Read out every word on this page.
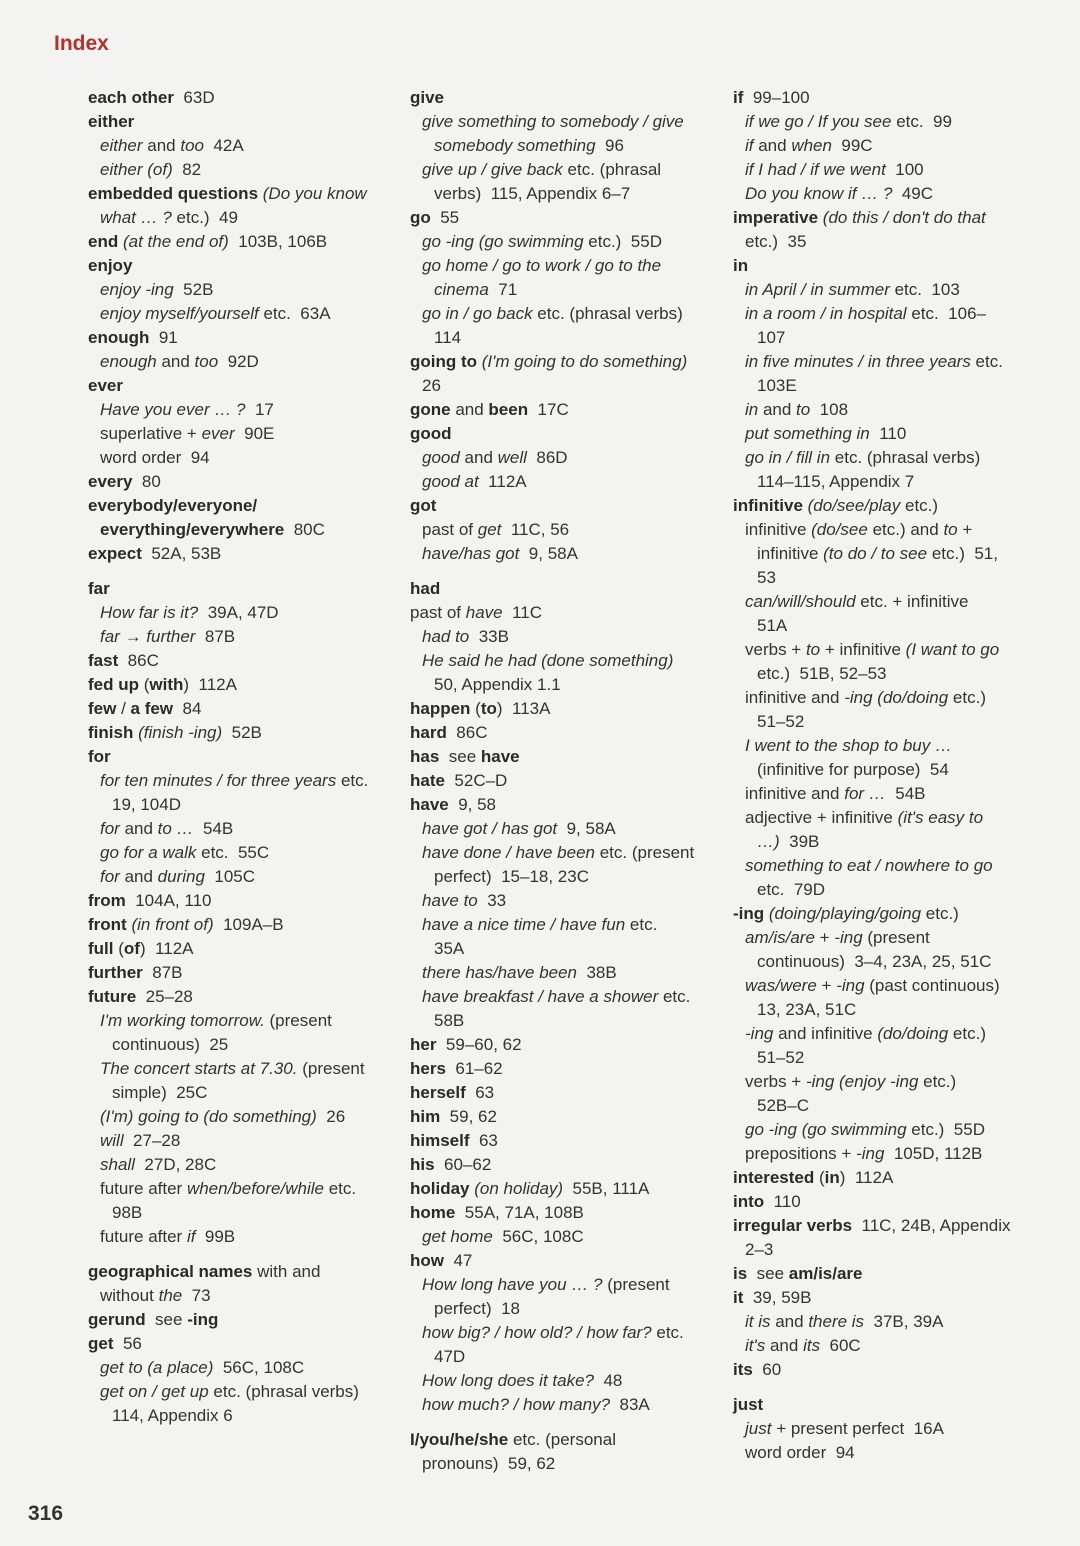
Index
each other  63D
either
either and too  42A
either (of)  82
embedded questions (Do you know
what … ? etc.)  49
end (at the end of)  103B, 106B
enjoy
enjoy -ing  52B
enjoy myself/yourself etc.  63A
enough  91
enough and too  92D
ever
Have you ever … ?  17
superlative + ever  90E
word order  94
every  80
everybody/everyone/
everything/everywhere  80C
expect  52A, 53B
far
How far is it?  39A, 47D
far → further  87B
fast  86C
fed up (with)  112A
few / a few  84
finish (finish -ing)  52B
for
for ten minutes / for three years etc.
19, 104D
for and to …  54B
go for a walk etc.  55C
for and during  105C
from  104A, 110
front (in front of)  109A–B
full (of)  112A
further  87B
future  25–28
I'm working tomorrow. (present
continuous)  25
The concert starts at 7.30. (present
simple)  25C
(I'm) going to (do something)  26
will  27–28
shall  27D, 28C
future after when/before/while etc.
98B
future after if  99B
geographical names with and
without the  73
gerund  see -ing
get  56
get to (a place)  56C, 108C
get on / get up etc. (phrasal verbs)
114, Appendix 6
give
give something to somebody / give
somebody something  96
give up / give back etc. (phrasal
verbs)  115, Appendix 6–7
go  55
go -ing (go swimming etc.)  55D
go home / go to work / go to the
cinema  71
go in / go back etc. (phrasal verbs)
114
going to (I'm going to do something)
26
gone and been  17C
good
good and well  86D
good at  112A
got
past of get  11C, 56
have/has got  9, 58A
had
past of have  11C
had to  33B
He said he had (done something)
50, Appendix 1.1
happen (to)  113A
hard  86C
has  see have
hate  52C–D
have  9, 58
have got / has got  9, 58A
have done / have been etc. (present
perfect)  15–18, 23C
have to  33
have a nice time / have fun etc.
35A
there has/have been  38B
have breakfast / have a shower etc.
58B
her  59–60, 62
hers  61–62
herself  63
him  59, 62
himself  63
his  60–62
holiday (on holiday)  55B, 111A
home  55A, 71A, 108B
get home  56C, 108C
how  47
How long have you … ? (present
perfect)  18
how big? / how old? / how far? etc.
47D
How long does it take?  48
how much? / how many?  83A
I/you/he/she etc. (personal
pronouns)  59, 62
if  99–100
if we go / If you see etc.  99
if and when  99C
if I had / if we went  100
Do you know if … ?  49C
imperative (do this / don't do that
etc.)  35
in
in April / in summer etc.  103
in a room / in hospital etc.  106–
107
in five minutes / in three years etc.
103E
in and to  108
put something in  110
go in / fill in etc. (phrasal verbs)
114–115, Appendix 7
infinitive (do/see/play etc.)
infinitive (do/see etc.) and to +
infinitive (to do / to see etc.)  51,
53
can/will/should etc. + infinitive
51A
verbs + to + infinitive (I want to go
etc.)  51B, 52–53
infinitive and -ing (do/doing etc.)
51–52
I went to the shop to buy …
(infinitive for purpose)  54
infinitive and for …  54B
adjective + infinitive (it's easy to
…)  39B
something to eat / nowhere to go
etc.  79D
-ing (doing/playing/going etc.)
am/is/are + -ing (present
continuous)  3–4, 23A, 25, 51C
was/were + -ing (past continuous)
13, 23A, 51C
-ing and infinitive (do/doing etc.)
51–52
verbs + -ing (enjoy -ing etc.)
52B–C
go -ing (go swimming etc.)  55D
prepositions + -ing  105D, 112B
interested (in)  112A
into  110
irregular verbs  11C, 24B, Appendix
2–3
is  see am/is/are
it  39, 59B
it is and there is  37B, 39A
it's and its  60C
its  60
just
just + present perfect  16A
word order  94
316
